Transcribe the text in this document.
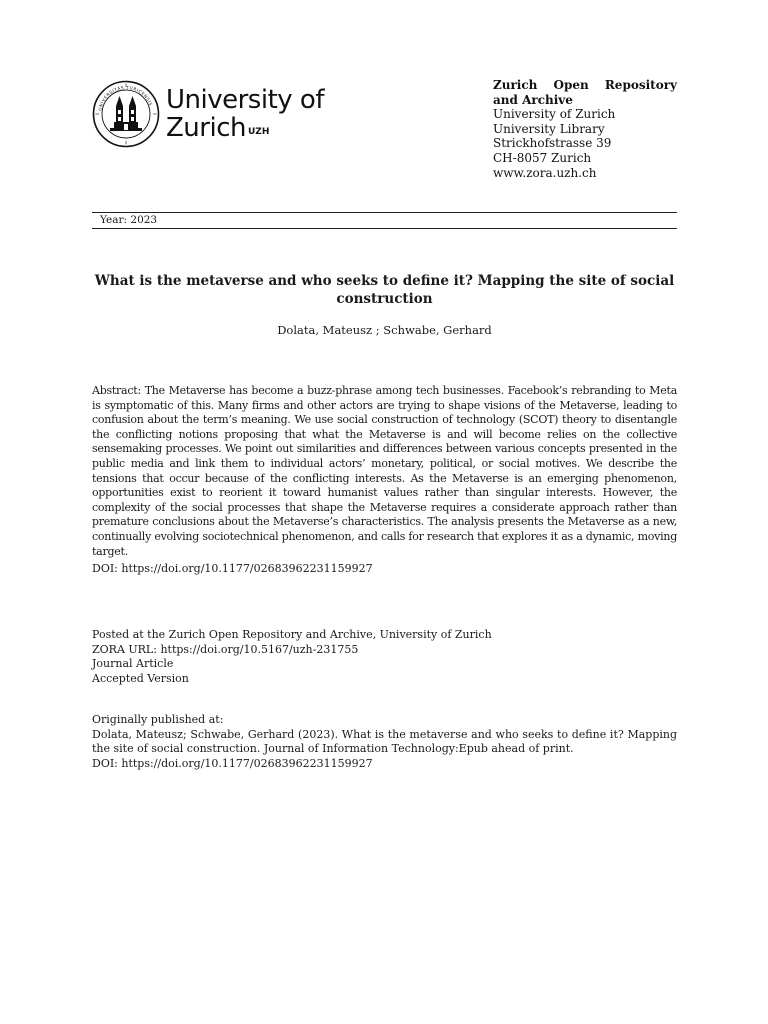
UNIVERSITAS TURICENSIS University of
Zurich $^{UZH}$
Zurich Open Repository and Archive
University of Zurich
University Library
Strickhofstrasse 39
CH-8057 Zurich
www.zora.uzh.ch
Year: 2023
What is the metaverse and who seeks to define it? Mapping the site of social construction
Dolata, Mateusz ; Schwabe, Gerhard
Abstract: The Metaverse has become a buzz-phrase among tech businesses. Facebook’s rebranding to Meta is symptomatic of this. Many firms and other actors are trying to shape visions of the Metaverse, leading to confusion about the term’s meaning. We use social construction of technology (SCOT) theory to disentangle the conflicting notions proposing that what the Metaverse is and will become relies on the collective sensemaking processes. We point out similarities and differences between various concepts presented in the public media and link them to individual actors’ monetary, political, or social motives. We describe the tensions that occur because of the conflicting interests. As the Metaverse is an emerging phenomenon, opportunities exist to reorient it toward humanist values rather than singular interests. However, the complexity of the social processes that shape the Metaverse requires a considerate approach rather than premature conclusions about the Metaverse’s characteristics. The analysis presents the Metaverse as a new, continually evolving sociotechnical phenomenon, and calls for research that explores it as a dynamic, moving target.
DOI: https://doi.org/10.1177/02683962231159927
Posted at the Zurich Open Repository and Archive, University of Zurich
ZORA URL: https://doi.org/10.5167/uzh-231755
Journal Article
Accepted Version
Originally published at:
Dolata, Mateusz; Schwabe, Gerhard (2023). What is the metaverse and who seeks to define it? Mapping the site of social construction. Journal of Information Technology:Epub ahead of print.
DOI: https://doi.org/10.1177/02683962231159927
